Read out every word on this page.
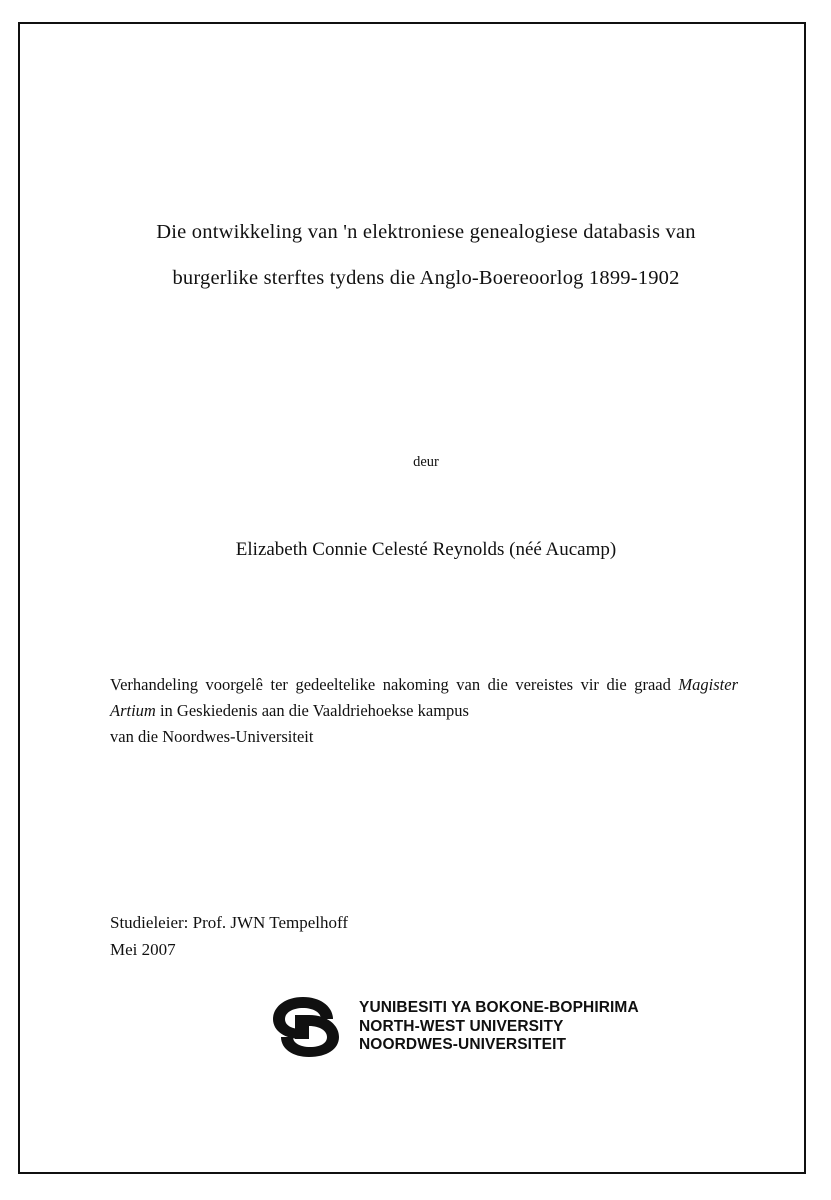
Die ontwikkeling van 'n elektroniese genealogiese databasis van
burgerlike sterftes tydens die Anglo-Boereoorlog 1899-1902
deur
Elizabeth Connie Celesté Reynolds (néé Aucamp)
Verhandeling voorgelê ter gedeeltelike nakoming van die vereistes vir die graad Magister Artium in Geskiedenis aan die Vaaldriehoekse kampus
van die Noordwes-Universiteit
Studieleier: Prof. JWN Tempelhoff
Mei 2007
YUNIBESITI YA BOKONE-BOPHIRIMA
NORTH-WEST UNIVERSITY
NOORDWES-UNIVERSITEIT
